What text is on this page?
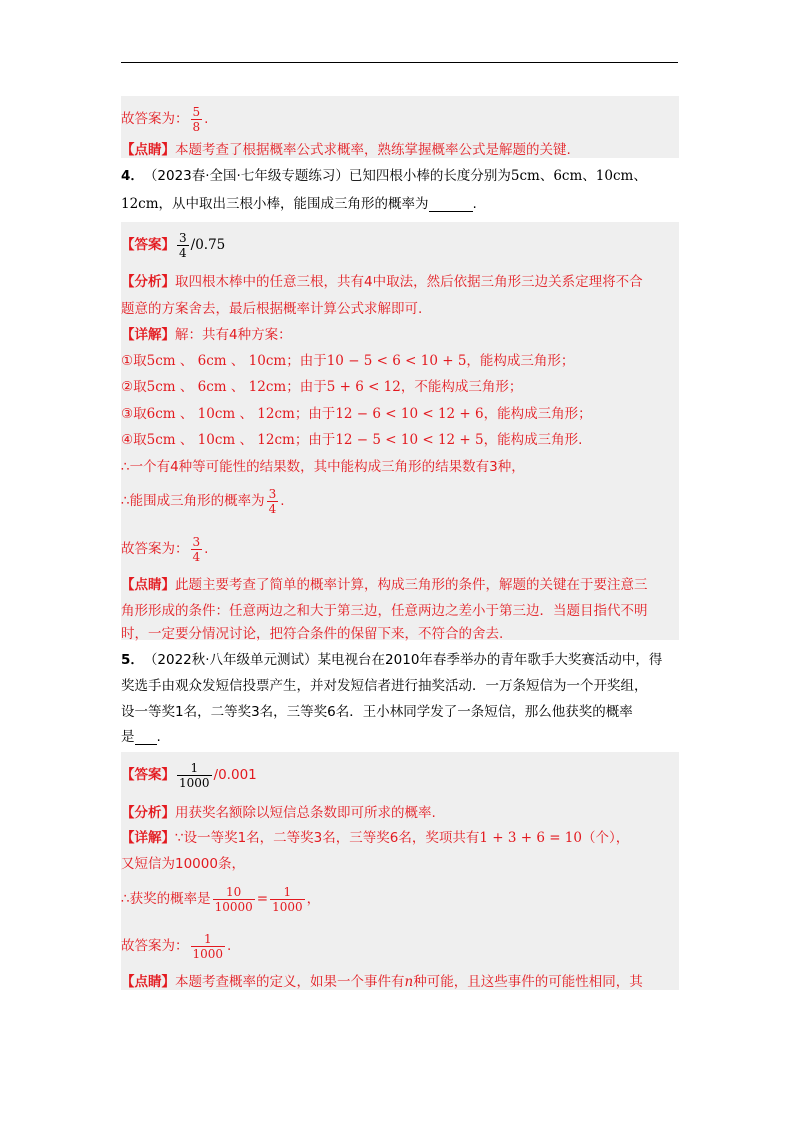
故答案为： $\frac{5}{8}$ .
【点睛】 本题考查了根据概率公式求概率，熟练掌握概率公式是解题的关键.
4． （2023春·全国·七年级专题练习） 已知四根小棒的长度分别为 5cm 、 6cm 、 10cm 、
12cm ，从中取出三根小棒，能围成三角形的概率为	.
【答案】 $\frac{3}{4} /0.75$
【分析】 取四根木棒中的任意三根，共有4中取法，然后依据三角形三边关系定理将不合
题意的方案舍去，最后根据概率计算公式求解即可.
【详解】 解：共有4种方案：
①取 5cm 、 6cm 、 10cm ；由于 10 − 5 < 6 < 10 + 5 ，能构成三角形；
②取 5cm 、 6cm 、 12cm ；由于 5 + 6 < 12 ，不能构成三角形；
③取 6cm 、 10cm 、 12cm ；由于 12 − 6 < 10 < 12 + 6 ，能构成三角形；
④取 5cm 、 10cm 、 12cm ；由于 12 − 5 < 10 < 12 + 5 ，能构成三角形.
∴一个有4种等可能性的结果数，其中能构成三角形的结果数有3种，
∴能围成三角形的概率为 $\frac{3}{4}$ .
故答案为： $\frac{3}{4}$ .
【点睛】 此题主要考查了简单的概率计算，构成三角形的条件，解题的关键在于要注意三
角形形成的条件：任意两边之和大于第三边，任意两边之差小于第三边．当题目指代不明
时，一定要分情况讨论，把符合条件的保留下来，不符合的舍去.
5． （2022秋·八年级单元测试） 某电视台在2010年春季举办的青年歌手大奖赛活动中，得
奖选手由观众发短信投票产生，并对发短信者进行抽奖活动．一万条短信为一个开奖组，
设一等奖1名，二等奖3名，三等奖6名．王小林同学发了一条短信，那么他获奖的概率
是 .
【答案】 $\frac{1}{1000} /0.001$
【分析】 用获奖名额除以短信总条数即可所求的概率.
【详解】 ∵设一等奖1名，二等奖3名，三等奖6名，奖项共有 1 + 3 + 6 = 10 （个），
又短信为10000条，
∴获奖的概率是 $\frac{10}{10000} = \frac{1}{1000}$ ，
故答案为： $\frac{1}{1000}$ .
【点睛】 本题考查概率的定义，如果一个事件有 n 种可能，且这些事件的可能性相同，其
